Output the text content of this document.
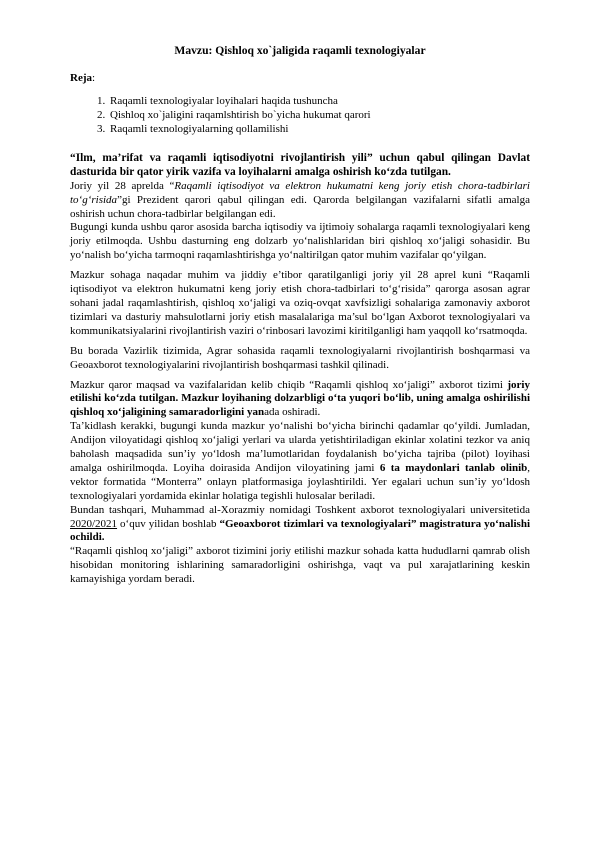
Mavzu: Qishloq xo`jaligida raqamli texnologiyalar
Reja:
1. Raqamli texnologiyalar loyihalari haqida tushuncha
2. Qishloq xo`jaligini raqamlshtirish bo`yicha hukumat qarori
3. Raqamli texnologiyalarning qollamilishi

“Ilm, ma’rifat va raqamli iqtisodiyotni rivojlantirish yili” uchun qabul qilingan Davlat dasturida bir qator yirik vazifa va loyihalarni amalga oshirish ko‘zda tutilgan.

Joriy yil 28 aprelda “Raqamli iqtisodiyot va elektron hukumatni keng joriy etish chora-tadbirlari to‘g‘risida”gi Prezident qarori qabul qilingan edi. Qarorda belgilangan vazifalarni sifatli amalga oshirish uchun chora-tadbirlar belgilangan edi.

Bugungi kunda ushbu qaror asosida barcha iqtisodiy va ijtimoiy sohalarga raqamli texnologiyalari keng joriy etilmoqda. Ushbu dasturning eng dolzarb yo‘nalishlaridan biri qishloq xo‘jaligi sohasidir. Bu yo‘nalish bo‘yicha tarmoqni raqamlashtirishga yo‘naltirilgan qator muhim vazifalar qo‘yilgan.

Mazkur sohaga naqadar muhim va jiddiy e’tibor qaratilganligi joriy yil 28 aprel kuni “Raqamli iqtisodiyot va elektron hukumatni keng joriy etish chora-tadbirlari to‘g‘risida” qarorga asosan agrar sohani jadal raqamlashtirish, qishloq xo‘jaligi va oziq-ovqat xavfsizligi sohalariga zamonaviy axborot tizimlari va dasturiy mahsulotlarni joriy etish masalalariga ma’sul bo‘lgan Axborot texnologiyalari va kommunikatsiyalarini rivojlantirish vaziri o‘rinbosari lavozimi kiritilganligi ham yaqqoll ko‘rsatmoqda.

Bu borada Vazirlik tizimida, Agrar sohasida raqamli texnologiyalarni rivojlantirish boshqarmasi va Geoaxborot texnologiyalarini rivojlantirish boshqarmasi tashkil qilinadi.

Mazkur qaror maqsad va vazifalaridan kelib chiqib “Raqamli qishloq xo‘jaligi” axborot tizimi joriy etilishi ko‘zda tutilgan. Mazkur loyihaning dolzarbligi o‘ta yuqori bo‘lib, uning amalga oshirilishi qishloq xo‘jaligining samaradorligini yanada oshiradi.

Ta’kidlash kerakki, bugungi kunda mazkur yo‘nalishi bo‘yicha birinchi qadamlar qo‘yildi. Jumladan, Andijon viloyatidagi qishloq xo‘jaligi yerlari va ularda yetishtiriladigan ekinlar xolatini tezkor va aniq baholash maqsadida sun’iy yo‘ldosh ma’lumotlaridan foydalanish bo‘yicha tajriba (pilot) loyihasi amalga oshirilmoqda. Loyiha doirasida Andijon viloyatining jami 6 ta maydonlari tanlab olinib, vektor formatida “Monterra” onlayn platformasiga joylashtirildi. Yer egalari uchun sun’iy yo‘ldosh texnologiyalari yordamida ekinlar holatiga tegishli hulosalar beriladi.

Bundan tashqari, Muhammad al-Xorazmiy nomidagi Toshkent axborot texnologiyalari universitetida 2020/2021 o‘quv yilidan boshlab “Geoaxborot tizimlari va texnologiyalari” magistratura yo‘nalishi ochildi.

“Raqamli qishloq xo‘jaligi” axborot tizimini joriy etilishi mazkur sohada katta hududlarni qamrab olish hisobidan monitoring ishlarining samaradorligini oshirishga, vaqt va pul xarajatlarining keskin kamayishiga yordam beradi.
